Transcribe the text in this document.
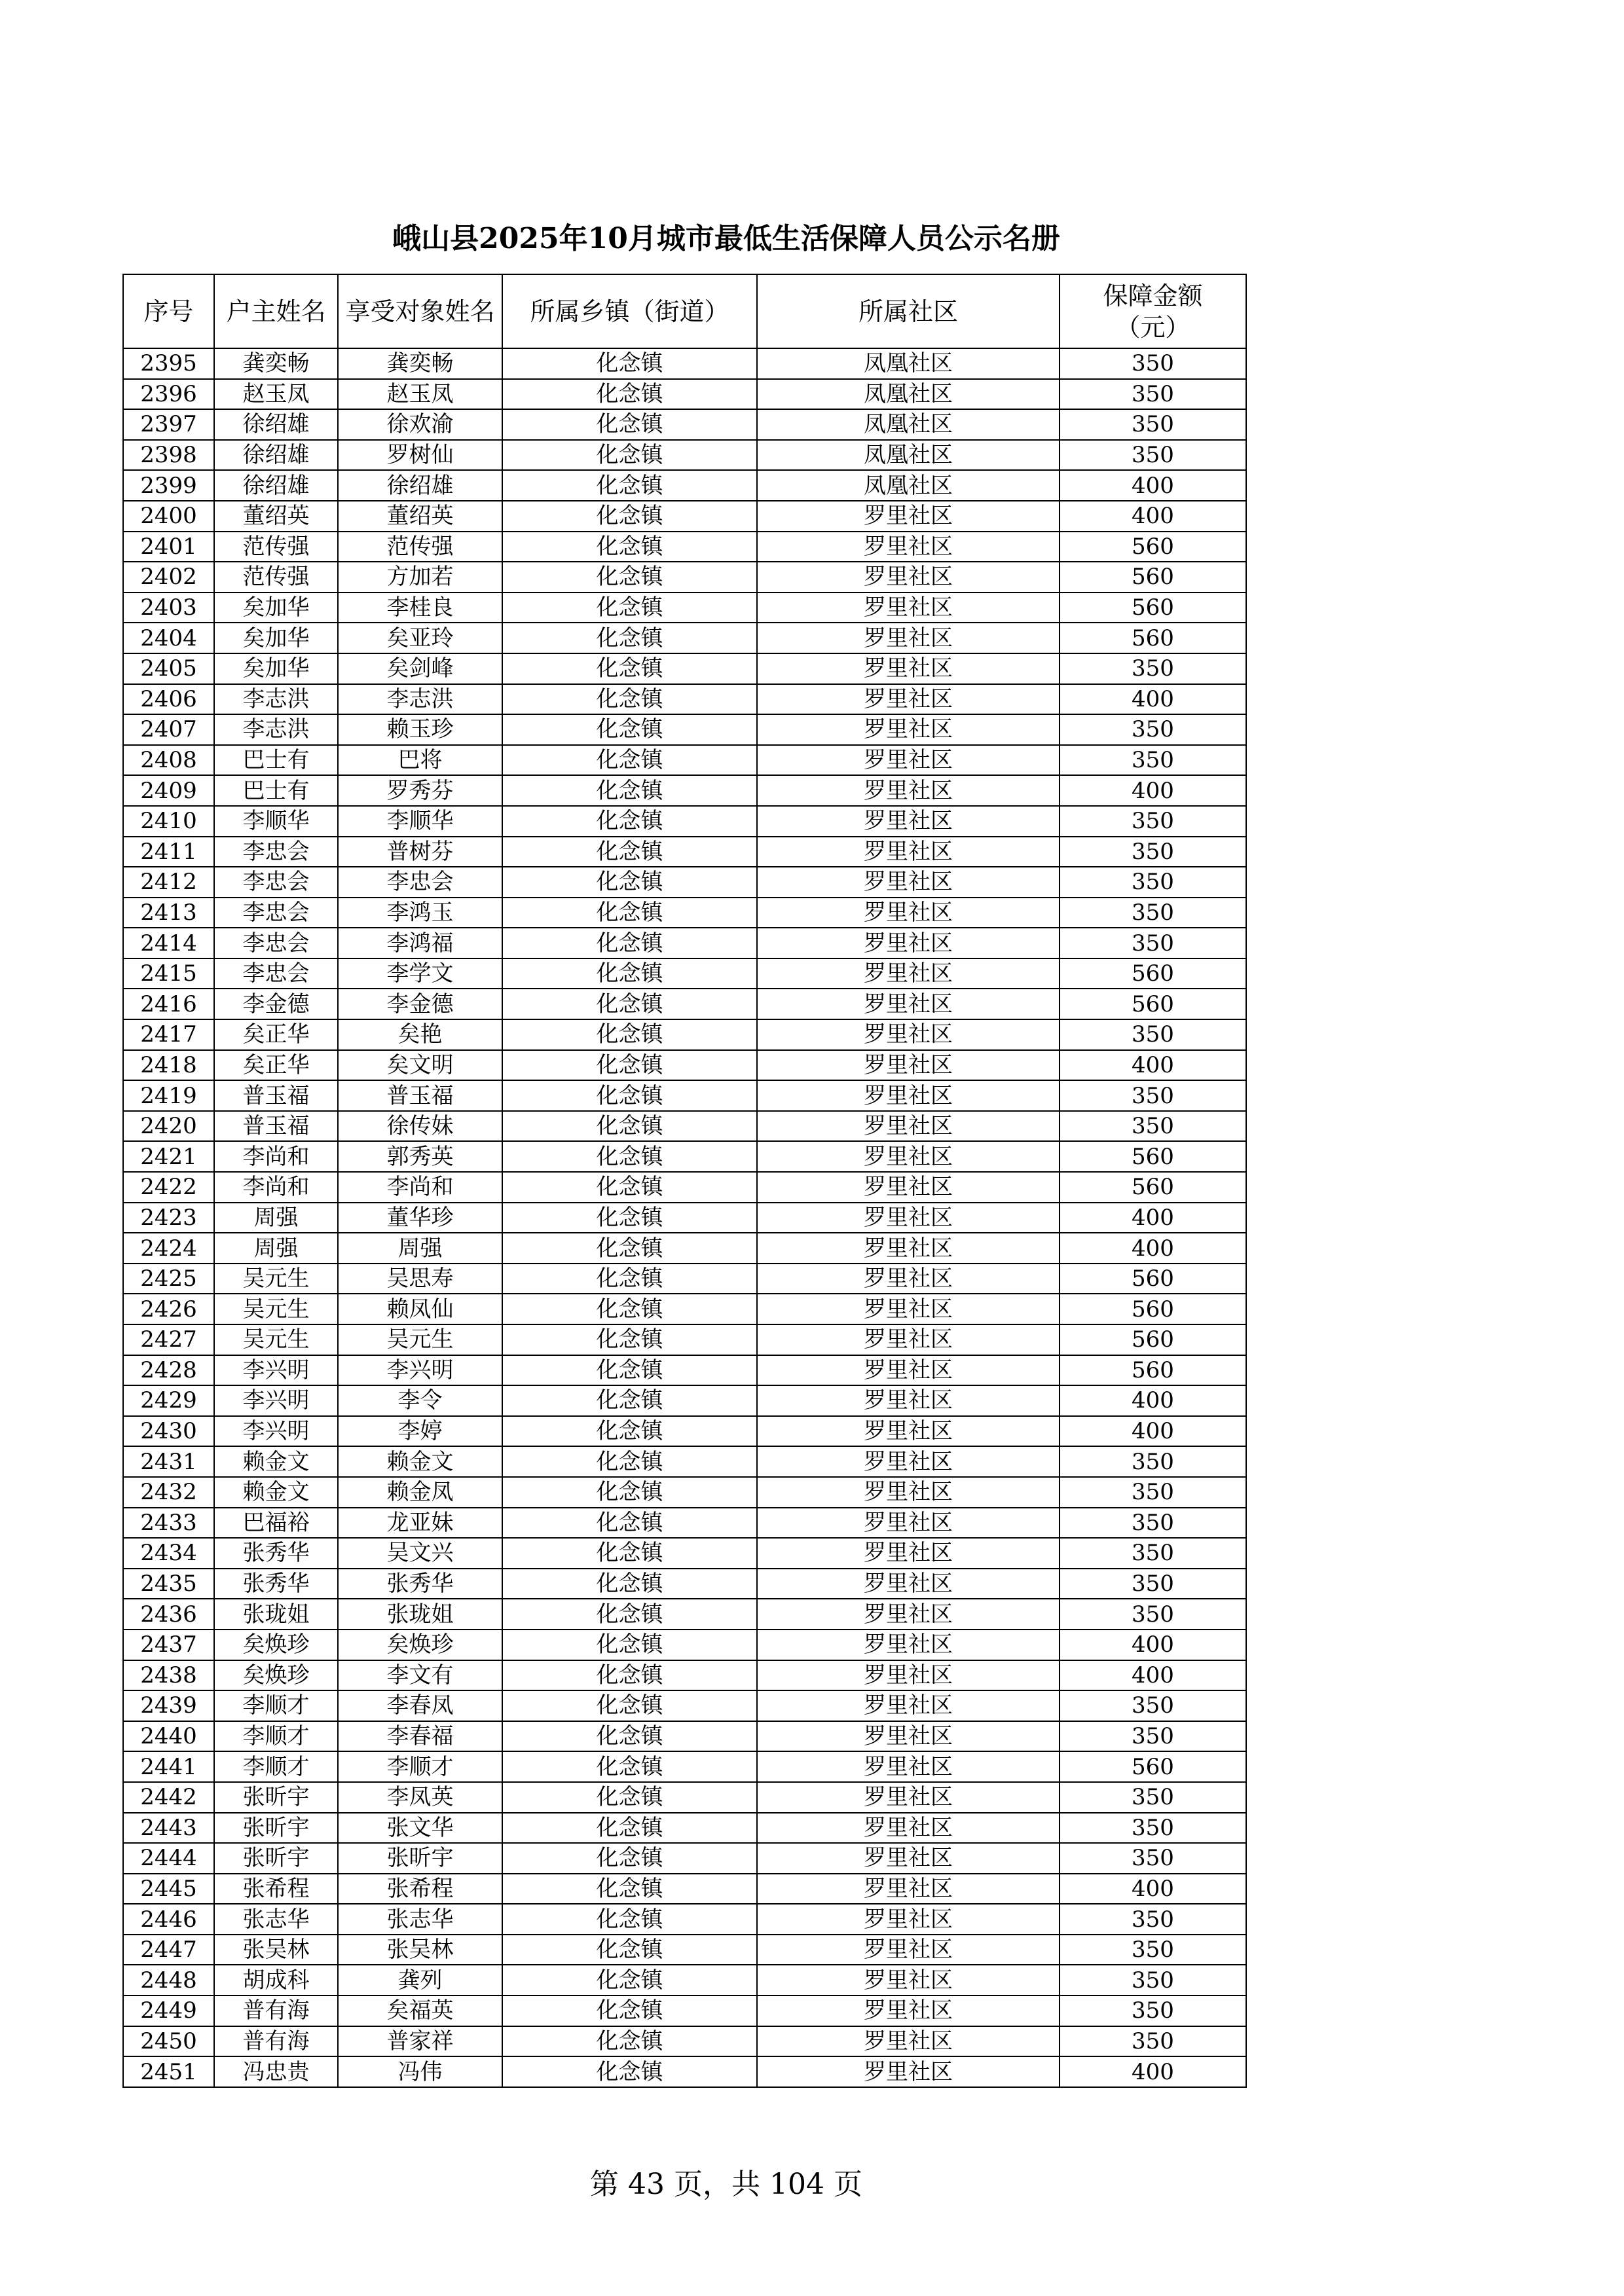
峨山县2025年10月城市最低生活保障人员公示名册
序号	户主姓名	享受对象姓名	所属乡镇（街道）	所属社区	保障金额
（元）
2395	龚奕畅	龚奕畅	化念镇	凤凰社区	350
2396	赵玉凤	赵玉凤	化念镇	凤凰社区	350
2397	徐绍雄	徐欢渝	化念镇	凤凰社区	350
2398	徐绍雄	罗树仙	化念镇	凤凰社区	350
2399	徐绍雄	徐绍雄	化念镇	凤凰社区	400
2400	董绍英	董绍英	化念镇	罗里社区	400
2401	范传强	范传强	化念镇	罗里社区	560
2402	范传强	方加若	化念镇	罗里社区	560
2403	矣加华	李桂良	化念镇	罗里社区	560
2404	矣加华	矣亚玲	化念镇	罗里社区	560
2405	矣加华	矣剑峰	化念镇	罗里社区	350
2406	李志洪	李志洪	化念镇	罗里社区	400
2407	李志洪	赖玉珍	化念镇	罗里社区	350
2408	巴士有	巴将	化念镇	罗里社区	350
2409	巴士有	罗秀芬	化念镇	罗里社区	400
2410	李顺华	李顺华	化念镇	罗里社区	350
2411	李忠会	普树芬	化念镇	罗里社区	350
2412	李忠会	李忠会	化念镇	罗里社区	350
2413	李忠会	李鸿玉	化念镇	罗里社区	350
2414	李忠会	李鸿福	化念镇	罗里社区	350
2415	李忠会	李学文	化念镇	罗里社区	560
2416	李金德	李金德	化念镇	罗里社区	560
2417	矣正华	矣艳	化念镇	罗里社区	350
2418	矣正华	矣文明	化念镇	罗里社区	400
2419	普玉福	普玉福	化念镇	罗里社区	350
2420	普玉福	徐传妹	化念镇	罗里社区	350
2421	李尚和	郭秀英	化念镇	罗里社区	560
2422	李尚和	李尚和	化念镇	罗里社区	560
2423	周强	董华珍	化念镇	罗里社区	400
2424	周强	周强	化念镇	罗里社区	400
2425	吴元生	吴思寿	化念镇	罗里社区	560
2426	吴元生	赖凤仙	化念镇	罗里社区	560
2427	吴元生	吴元生	化念镇	罗里社区	560
2428	李兴明	李兴明	化念镇	罗里社区	560
2429	李兴明	李令	化念镇	罗里社区	400
2430	李兴明	李婷	化念镇	罗里社区	400
2431	赖金文	赖金文	化念镇	罗里社区	350
2432	赖金文	赖金凤	化念镇	罗里社区	350
2433	巴福裕	龙亚妹	化念镇	罗里社区	350
2434	张秀华	吴文兴	化念镇	罗里社区	350
2435	张秀华	张秀华	化念镇	罗里社区	350
2436	张珑姐	张珑姐	化念镇	罗里社区	350
2437	矣焕珍	矣焕珍	化念镇	罗里社区	400
2438	矣焕珍	李文有	化念镇	罗里社区	400
2439	李顺才	李春凤	化念镇	罗里社区	350
2440	李顺才	李春福	化念镇	罗里社区	350
2441	李顺才	李顺才	化念镇	罗里社区	560
2442	张昕宇	李凤英	化念镇	罗里社区	350
2443	张昕宇	张文华	化念镇	罗里社区	350
2444	张昕宇	张昕宇	化念镇	罗里社区	350
2445	张希程	张希程	化念镇	罗里社区	400
2446	张志华	张志华	化念镇	罗里社区	350
2447	张吴林	张吴林	化念镇	罗里社区	350
2448	胡成科	龚列	化念镇	罗里社区	350
2449	普有海	矣福英	化念镇	罗里社区	350
2450	普有海	普家祥	化念镇	罗里社区	350
2451	冯忠贵	冯伟	化念镇	罗里社区	400
第 43 页，共 104 页
